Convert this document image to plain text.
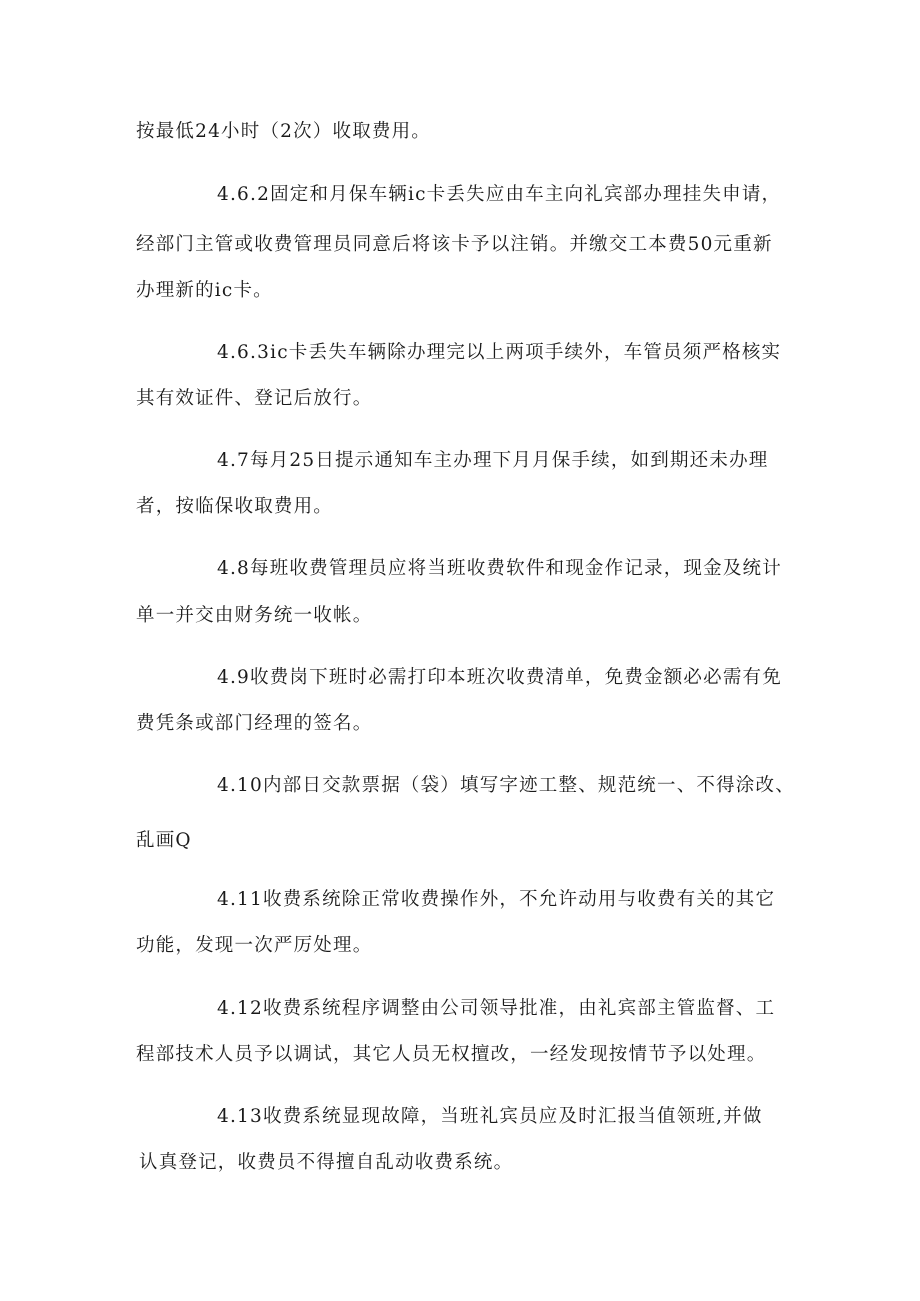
按最低24小时（2次）收取费用。
4.6.2固定和月保车辆ic卡丢失应由车主向礼宾部办理挂失申请，
经部门主管或收费管理员同意后将该卡予以注销。并缴交工本费50元重新
办理新的ic卡。
4.6.3ic卡丢失车辆除办理完以上两项手续外，车管员须严格核实
其有效证件、登记后放行。
4.7每月25日提示通知车主办理下月月保手续，如到期还未办理
者，按临保收取费用。
4.8每班收费管理员应将当班收费软件和现金作记录，现金及统计
单一并交由财务统一收帐。
4.9收费岗下班时必需打印本班次收费清单，免费金额必必需有免
费凭条或部门经理的签名。
4.10内部日交款票据（袋）填写字迹工整、规范统一、不得涂改、
乱画Q
4.11收费系统除正常收费操作外，不允许动用与收费有关的其它
功能，发现一次严厉处理。
4.12收费系统程序调整由公司领导批准，由礼宾部主管监督、工
程部技术人员予以调试，其它人员无权擅改，一经发现按情节予以处理。
4.13收费系统显现故障，当班礼宾员应及时汇报当值领班,并做
认真登记，收费员不得擅自乱动收费系统。
